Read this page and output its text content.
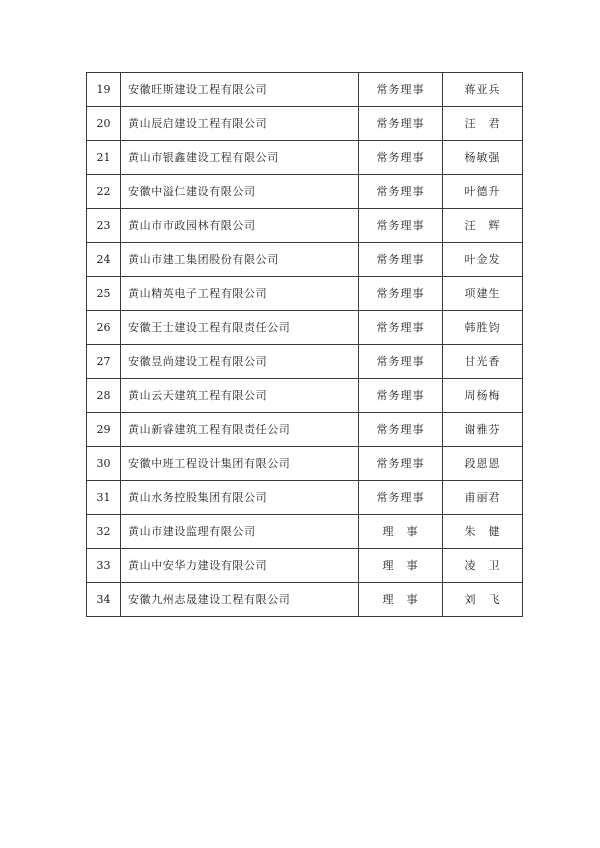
19	安徽旺斯建设工程有限公司	常务理事	蒋亚兵
20	黄山辰启建设工程有限公司	常务理事	汪　君
21	黄山市银鑫建设工程有限公司	常务理事	杨敏强
22	安徽中溢仁建设有限公司	常务理事	叶德升
23	黄山市市政园林有限公司	常务理事	汪　辉
24	黄山市建工集团股份有限公司	常务理事	叶金发
25	黄山精英电子工程有限公司	常务理事	项建生
26	安徽王士建设工程有限责任公司	常务理事	韩胜钧
27	安徽昱尚建设工程有限公司	常务理事	甘光香
28	黄山云天建筑工程有限公司	常务理事	周杨梅
29	黄山新睿建筑工程有限责任公司	常务理事	谢雅芬
30	安徽中班工程设计集团有限公司	常务理事	段恩恩
31	黄山水务控股集团有限公司	常务理事	甫丽君
32	黄山市建设监理有限公司	理　事	朱　健
33	黄山中安华力建设有限公司	理　事	凌　卫
34	安徽九州志晟建设工程有限公司	理　事	刘　飞
